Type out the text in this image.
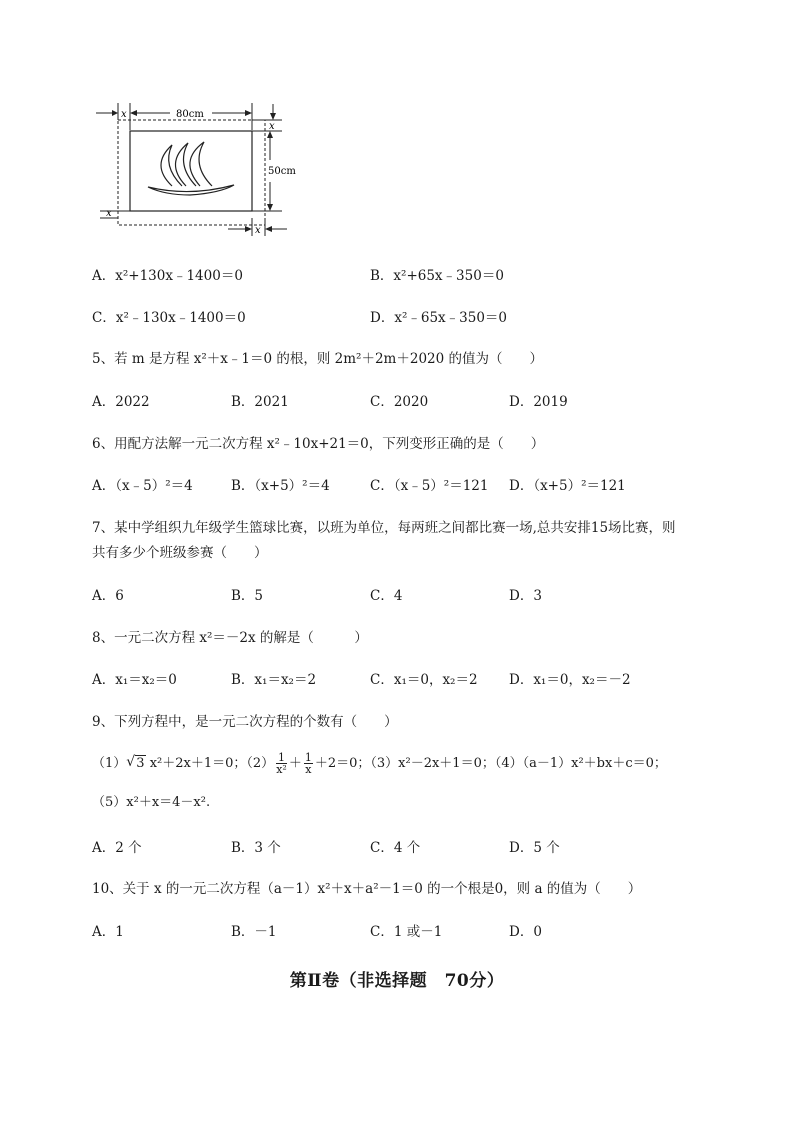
x	80cm
x
50cm
x
x
A．x²+130x﹣1400＝0	B．x²+65x﹣350＝0
C．x²﹣130x﹣1400＝0	D．x²﹣65x﹣350＝0
5、若 m 是方程 x²＋x﹣1＝0 的根，则 2m²＋2m＋2020 的值为（　　）
A．2022	B．2021	C．2020	D．2019
6、用配方法解一元二次方程 x²﹣10x+21＝0，下列变形正确的是（　　）
A．（x﹣5）²＝4	B．（x+5）²＝4	C．（x﹣5）²＝121 D．（x+5）²＝121
7、某中学组织九年级学生篮球比赛，以班为单位，每两班之间都比赛一场,总共安排15场比赛，则
共有多少个班级参赛（　　）
A．6	B．5	C．4	D．3
8、一元二次方程 x²＝－2x 的解是（　　　）
A．x₁＝x₂＝0	B．x₁＝x₂＝2	C．x₁＝0，x₂＝2 D．x₁＝0，x₂＝－2
9、下列方程中，是一元二次方程的个数有（　　）
（1）√ 3 x²＋2x＋1＝0；$(2) \frac{1}{\text{x²}} + \frac{1}{x} +2=0$；（3）x²－2x＋1＝0；（4）（a－1）x²＋bx＋c＝0；
（5）x²＋x＝4－x².
A．2 个	B．3 个	C．4 个	D．5 个
10、关于 x 的一元二次方程（a－1）x²＋x＋a²－1＝0 的一个根是0，则 a 的值为（　　）
A．1	B．－1	C．1 或－1	D．0
第Ⅱ卷（非选择题　70分）
